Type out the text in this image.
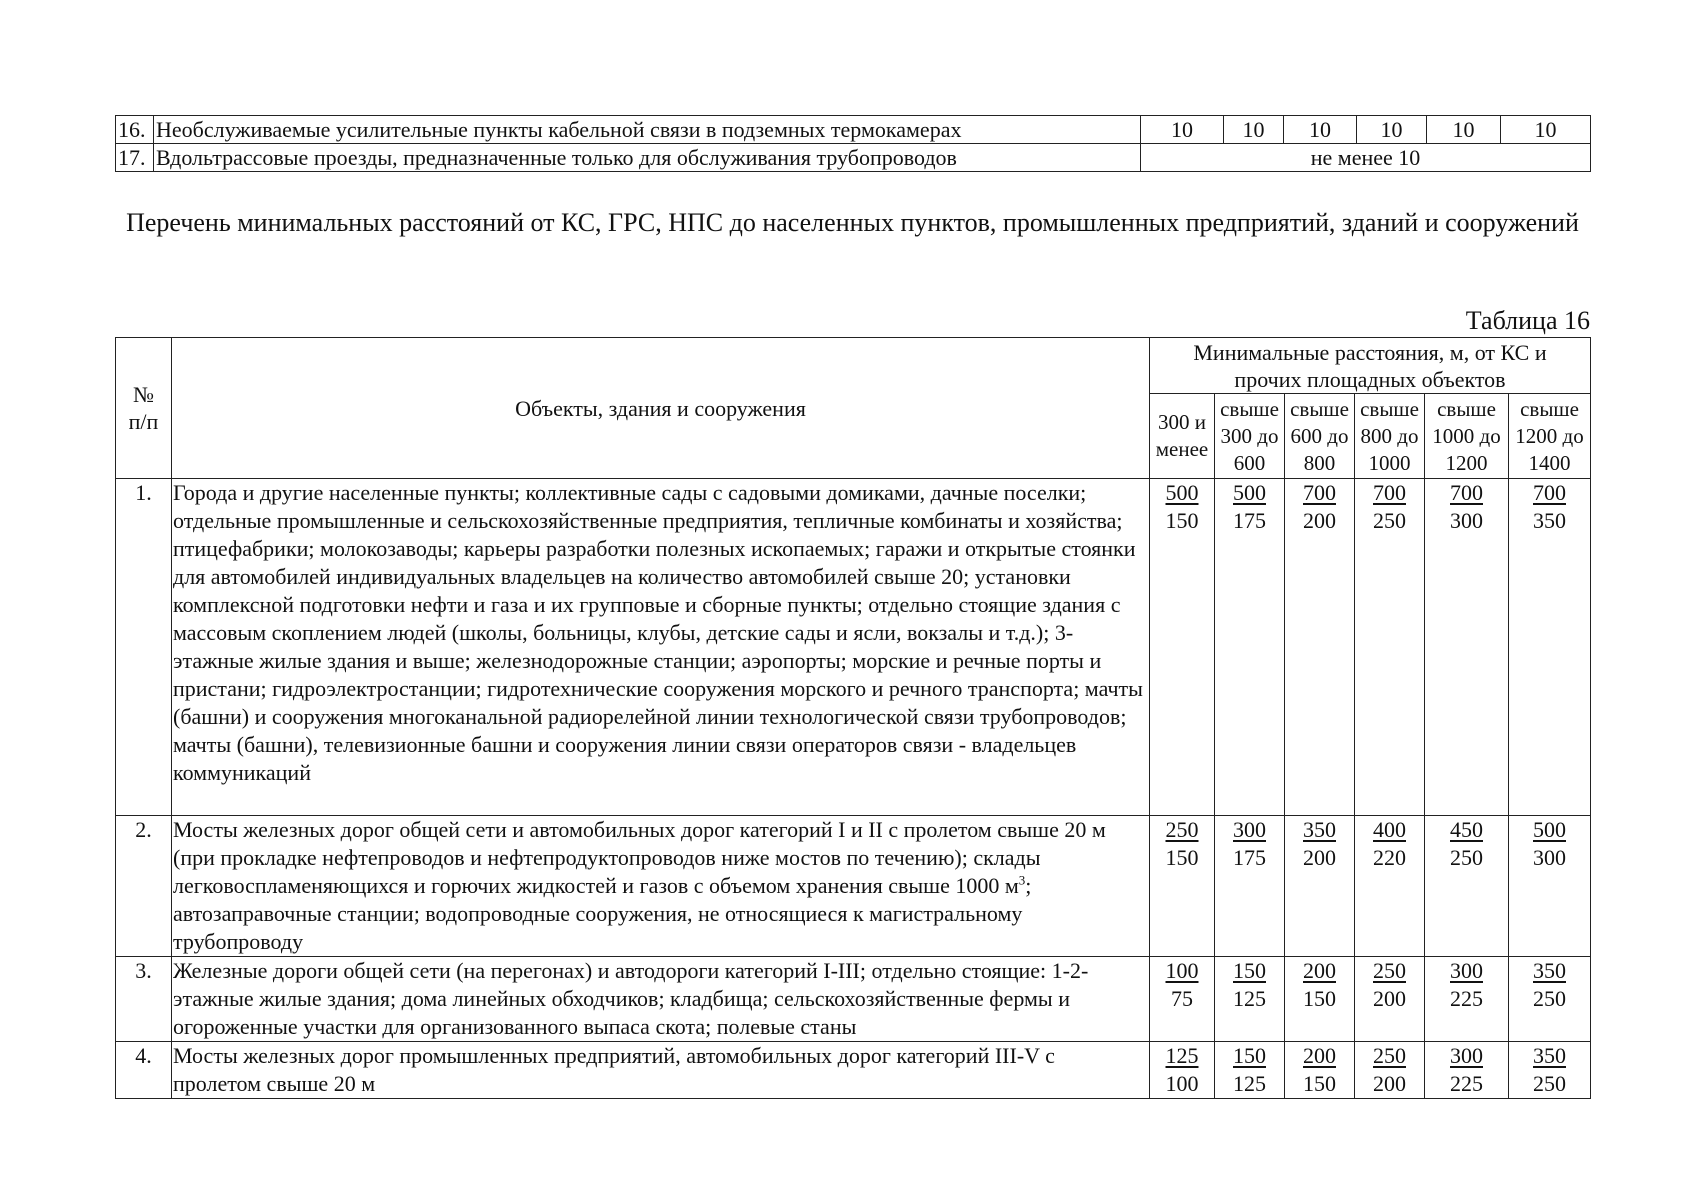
16.	Необслуживаемые усилительные пункты кабельной связи в подземных термокамерах	10	10	10	10	10	10
17.	Вдольтрассовые проезды, предназначенные только для обслуживания трубопроводов	не менее 10					
Перечень минимальных расстояний от КС, ГРС, НПС до населенных пунктов, промышленных предприятий, зданий и сооружений
Таблица 16
№ п/п	Объекты, здания и сооружения	Минимальные расстояния, м, от КС и прочих площадных объектов					
		300 и менее	свыше 300 до 600	свыше 600 до 800	свыше 800 до 1000	свыше 1000 до 1200	свыше 1200 до 1400
1.	Города и другие населенные пункты; коллективные сады с садовыми домиками, дачные поселки; отдельные промышленные и сельскохозяйственные предприятия, тепличные комбинаты и хозяйства; птицефабрики; молокозаводы; карьеры разработки полезных ископаемых; гаражи и открытые стоянки для автомобилей индивидуальных владельцев на количество автомобилей свыше 20; установки комплексной подготовки нефти и газа и их групповые и сборные пункты; отдельно стоящие здания с массовым скоплением людей (школы, больницы, клубы, детские сады и ясли, вокзалы и т.д.); 3-этажные жилые здания и выше; железнодорожные станции; аэропорты; морские и речные порты и пристани; гидроэлектростанции; гидротехнические сооружения морского и речного транспорта; мачты (башни) и сооружения многоканальной радиорелейной линии технологической связи трубопроводов; мачты (башни), телевизионные башни и сооружения линии связи операторов связи - владельцев коммуникаций	$\frac{500}{150}$	$\frac{500}{175}$	$\frac{700}{200}$	$\frac{700}{250}$	$\frac{700}{300}$	$\frac{700}{350}$

2.	Мосты железных дорог общей сети и автомобильных дорог категорий I и II с пролетом свыше 20 м (при прокладке нефтепроводов и нефтепродуктопроводов ниже мостов по течению); склады легковоспламеняющихся и горючих жидкостей и газов с объемом хранения свыше 1000 $м^3$; автозаправочные станции; водопроводные сооружения, не относящиеся к магистральному трубопроводу	$\frac{250}{150}$	$\frac{300}{175}$	$\frac{350}{200}$	$\frac{400}{220}$	$\frac{450}{250}$	$\frac{500}{300}$

3.	Железные дороги общей сети (на перегонах) и автодороги категорий I-III; отдельно стоящие: 1-2-этажные жилые здания; дома линейных обходчиков; кладбища; сельскохозяйственные фермы и огороженные участки для организованного выпаса скота; полевые станы	$\frac{100}{75}$	$\frac{150}{125}$	$\frac{200}{150}$	$\frac{250}{200}$	$\frac{300}{225}$	$\frac{350}{250}$

4.	Мосты железных дорог промышленных предприятий, автомобильных дорог категорий III-V с пролетом свыше 20 м	$\frac{125}{100}$	$\frac{150}{125}$	$\frac{200}{150}$	$\frac{250}{200}$	$\frac{300}{225}$	$\frac{350}{250}$
